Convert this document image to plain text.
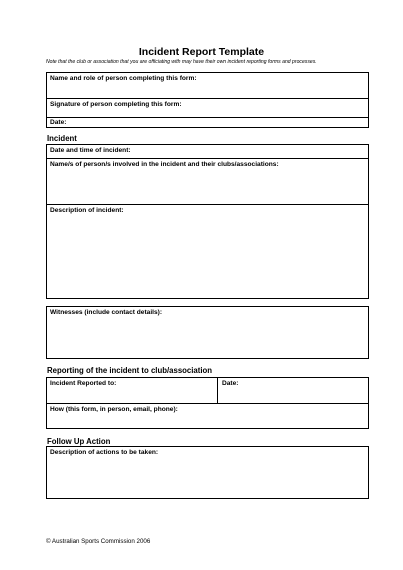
Incident Report Template
Note that the club or association that you are officiating with may have their own incident reporting forms and processes.
Name and role of person completing this form:
Signature of person completing this form:
Date:
Incident
Date and time of incident:
Name/s of person/s involved in the incident and their clubs/associations:
Description of incident:
Witnesses (include contact details):
Reporting of the incident to club/association
Incident Reported to:	Date:
How (this form, in person, email, phone):
Follow Up Action
Description of actions to be taken:
© Australian Sports Commission 2006
